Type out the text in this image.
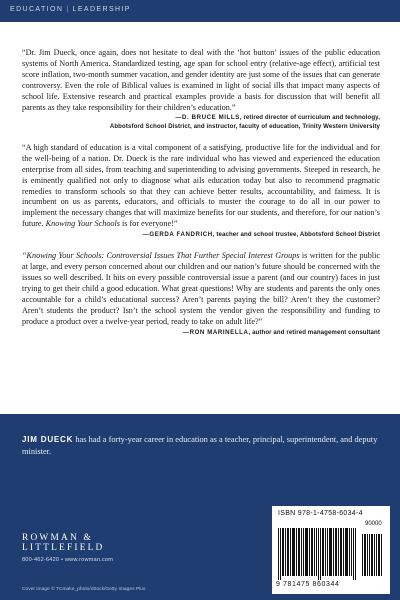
EDUCATION | LEADERSHIP

“Dr. Jim Dueck, once again, does not hesitate to deal with the ‘hot button’ issues of the public education systems of North America. Standardized testing, age span for school entry (relative-age effect), artificial test score inflation, two-month summer vacation, and gender identity are just some of the issues that can generate controversy. Even the role of Biblical values is examined in light of social ills that impact many aspects of school life. Extensive research and practical examples provide a basis for discussion that will benefit all parents as they take responsibility for their children’s education.”

—D. BRUCE MILLS, retired director of curriculum and technology,
Abbotsford School District, and instructor, faculty of education, Trinity Western University

“A high standard of education is a vital component of a satisfying, productive life for the individual and for the well-being of a nation. Dr. Dueck is the rare individual who has viewed and experienced the education enterprise from all sides, from teaching and superintending to advising governments. Steeped in research, he is eminently qualified not only to diagnose what ails education today but also to recommend pragmatic remedies to transform schools so that they can achieve better results, accountability, and fairness. It is incumbent on us as parents, educators, and officials to muster the courage to do all in our power to implement the necessary changes that will maximize benefits for our students, and therefore, for our nation’s future. Knowing Your Schools is for everyone!”

—GERDA FANDRICH, teacher and school trustee, Abbotsford School District

“Knowing Your Schools: Controversial Issues That Further Special Interest Groups is written for the public at large, and every person concerned about our children and our nation’s future should be concerned with the issues so well described. It hits on every possible controversial issue a parent (and our country) faces in just trying to get their child a good education. What great questions! Why are students and parents the only ones accountable for a child’s educational success? Aren’t parents paying the bill? Aren’t they the customer? Aren’t students the product? Isn’t the school system the vendor given the responsibility and funding to produce a product over a twelve-year period, ready to take on adult life?”

—RON MARINELLA, author and retired management consultant

JIM DUECK has had a forty-year career in education as a teacher, principal, superintendent, and deputy minister.

ROWMAN &
LITTLEFIELD
800-462-6420 • www.rowman.com
Cover image © TCmake_photo/iStock/Getty Images Plus
ISBN 978-1-4758-6034-4
90000
9 781475 860344
